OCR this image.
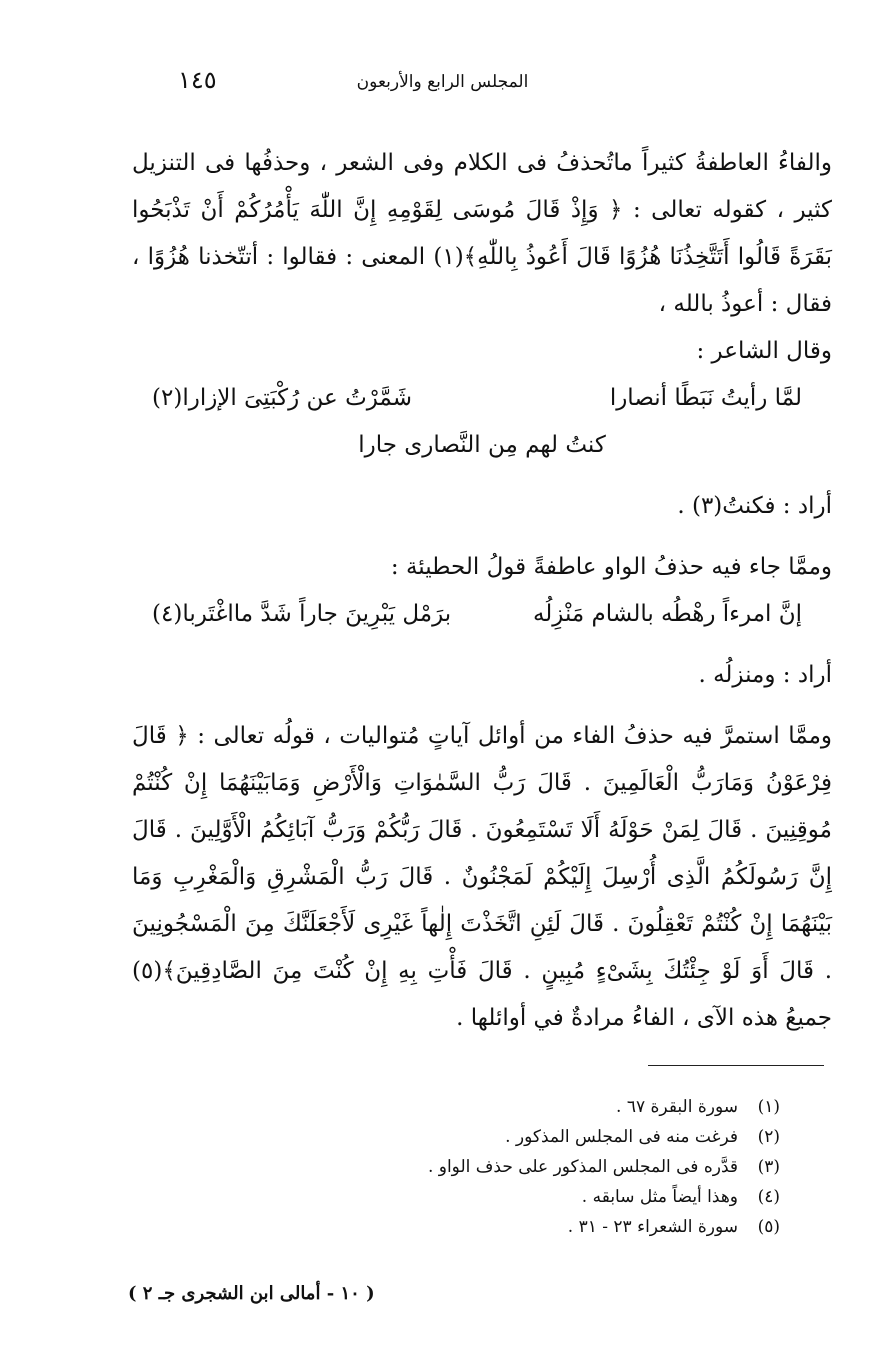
المجلس الرابع والأربعون
١٤٥

والفاءُ العاطفةُ كثيراً ماتُحذفُ فى الكلام وفى الشعر ، وحذفُها فى التنزيل كثير ، كقوله تعالى : ﴿ وَإِذْ قَالَ مُوسَى لِقَوْمِهِ إِنَّ اللّٰهَ يَأْمُرُكُمْ أَنْ تَذْبَحُوا بَقَرَةً قَالُوا أَتَتَّخِذُنَا هُزُوًا قَالَ أَعُوذُ بِاللّٰهِ﴾(١) المعنى : فقالوا : أتتّخذنا هُزُوًا ، فقال : أعوذُ بالله ،

وقال الشاعر :

لمَّا رأيتُ نَبَطًا أنصارا
شَمَّرْتُ عن رُكْبَتِىَ الإزارا(٢)
كنتُ لهم مِن النَّصارى جارا

أراد : فكنتُ(٣) .

وممَّا جاء فيه حذفُ الواو عاطفةً قولُ الحطيئة :

إنَّ امرءاً رهْطُه بالشام مَنْزِلُه
برَمْل يَبْرِينَ جاراً شَدَّ مااغْتَربا(٤)

أراد : ومنزلُه .

وممَّا استمرَّ فيه حذفُ الفاء من أوائل آياتٍ مُتواليات ، قولُه تعالى : ﴿ قَالَ فِرْعَوْنُ وَمَارَبُّ الْعَالَمِينَ . قَالَ رَبُّ السَّمٰوَاتِ وَالْأَرْضِ وَمَابَيْنَهُمَا إِنْ كُنْتُمْ مُوقِنِينَ . قَالَ لِمَنْ حَوْلَهُ أَلَا تَسْتَمِعُونَ . قَالَ رَبُّكُمْ وَرَبُّ آبَائِكُمُ الْأَوَّلِينَ . قَالَ إِنَّ رَسُولَكُمُ الَّذِى أُرْسِلَ إِلَيْكُمْ لَمَجْنُونٌ . قَالَ رَبُّ الْمَشْرِقِ وَالْمَغْرِبِ وَمَا بَيْنَهُمَا إِنْ كُنْتُمْ تَعْقِلُونَ . قَالَ لَئِنِ اتَّخَذْتَ إِلٰهاً غَيْرِى لَأَجْعَلَنَّكَ مِنَ الْمَسْجُونِينَ . قَالَ أَوَ لَوْ جِئْتُكَ بِشَىْءٍ مُبِينٍ . قَالَ فَأْتِ بِهِ إِنْ كُنْتَ مِنَ الصَّادِقِينَ﴾(٥) جميعُ هذه الآى ، الفاءُ مرادةٌ في أوائلها .

(١)
سورة البقرة ٦٧ .
(٢)
فرغت منه فى المجلس المذكور .
(٣)
قدَّره فى المجلس المذكور على حذف الواو .
(٤)
وهذا أيضاً مثل سابقه .
(٥)
سورة الشعراء ٢٣ - ٣١ .
( ١٠ - أمالى ابن الشجرى جـ ٢ )
